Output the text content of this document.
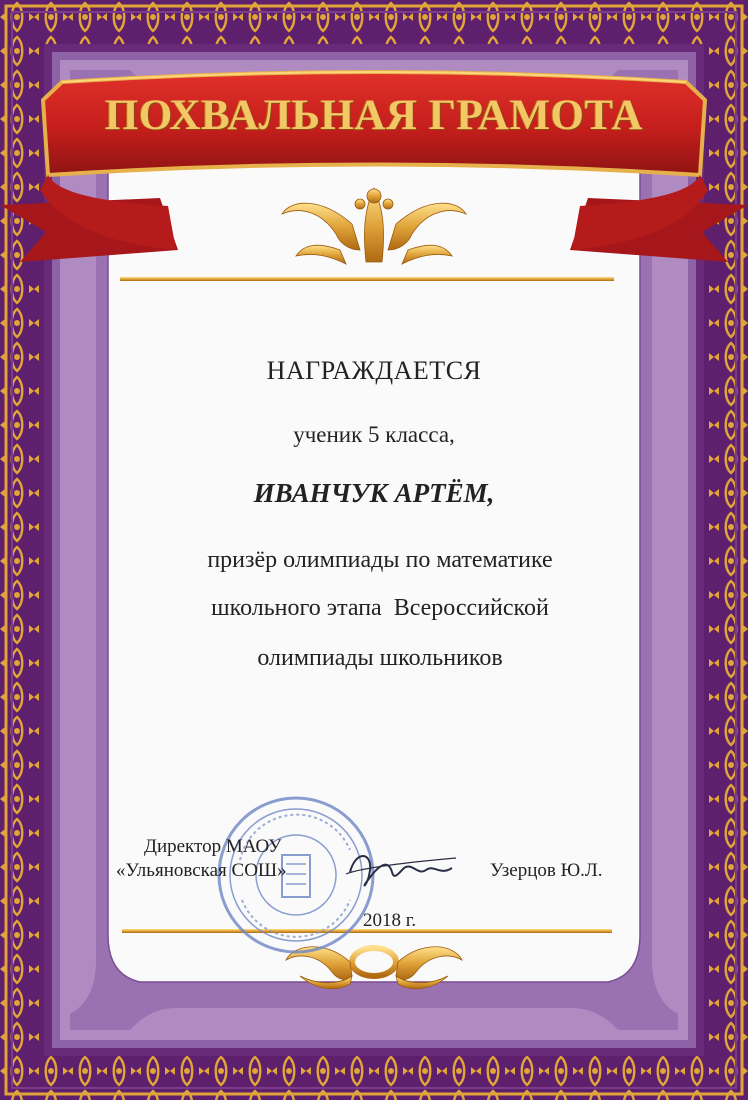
ПОХВАЛЬНАЯ ГРАМОТА
НАГРАЖДАЕТСЯ
ученик 5 класса,
ИВАНЧУК АРТЁМ,
призёр олимпиады по математике
школьного этапа  Всероссийской
олимпиады школьников
Директор МАОУ
«Ульяновская СОШ»	Узерцов Ю.Л.
2018 г.
